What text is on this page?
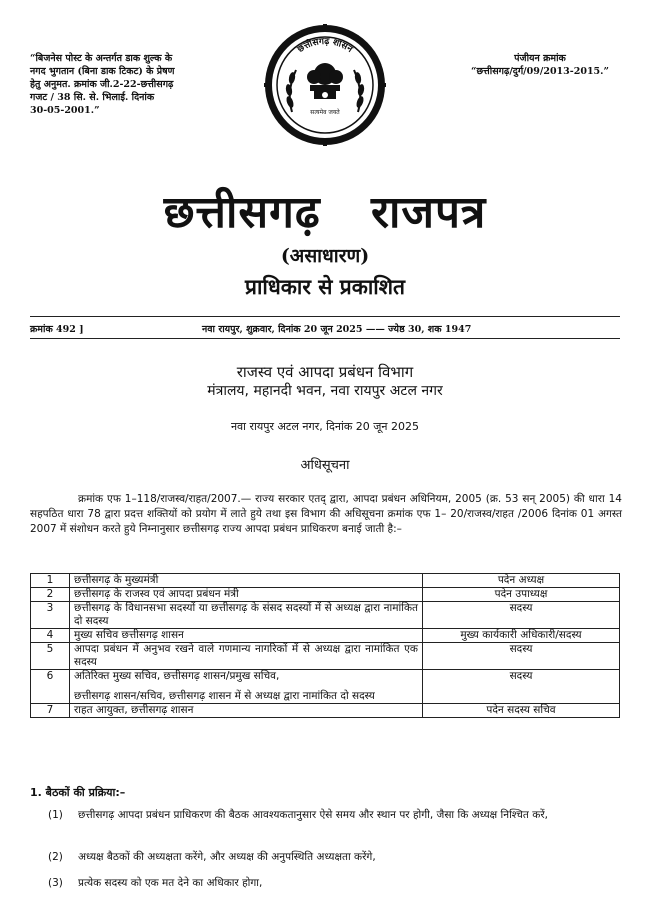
“बिजनेस पोस्ट के अन्तर्गत डाक शुल्क के
नगद भुगतान (बिना डाक टिकट) के प्रेषण
हेतु अनुमत. क्रमांक जी.2-22-छत्तीसगढ़
गजट / 38 सि. से. भिलाई. दिनांक
30-05-2001.”
पंजीयन क्रमांक
“छत्तीसगढ़/दुर्ग/09/2013-2015.”
छत्तीसगढ़ शासन
सत्यमेव जयते
छत्तीसगढ़ राजपत्र
(असाधारण)
प्राधिकार से प्रकाशित
क्रमांक 492 ]	नवा रायपुर, शुक्रवार, दिनांक 20 जून 2025 —— ज्येष्ठ 30, शक 1947
राजस्व एवं आपदा प्रबंधन विभाग
मंत्रालय, महानदी भवन, नवा रायपुर अटल नगर
नवा रायपुर अटल नगर, दिनांक 20 जून 2025
अधिसूचना
क्रमांक एफ 1–118/राजस्व/राहत/2007.— राज्य सरकार एतद् द्वारा, आपदा प्रबंधन अधिनियम, 2005 (क्र. 53 सन् 2005) की धारा 14 सहपठित धारा 78 द्वारा प्रदत्त शक्तियों को प्रयोग में लाते हुये तथा इस विभाग की अधिसूचना क्रमांक एफ 1– 20/राजस्व/राहत /2006 दिनांक 01 अगस्त 2007 में संशोधन करते हुये निम्नानुसार छत्तीसगढ़ राज्य आपदा प्रबंधन प्राधिकरण बनाई जाती है:–
1	छत्तीसगढ़ के मुख्यमंत्री	पदेन अध्यक्ष
2	छत्तीसगढ़ के राजस्व एवं आपदा प्रबंधन मंत्री	पदेन उपाध्यक्ष
3	छत्तीसगढ़ के विधानसभा सदस्यों या छत्तीसगढ़ के संसद सदस्यों में से अध्यक्ष द्वारा नामांकित दो सदस्य	सदस्य
4	मुख्य सचिव छत्तीसगढ़ शासन	मुख्य कार्यकारी अधिकारी/सदस्य
5	आपदा प्रबंधन में अनुभव रखने वाले गणमान्य नागरिकों में से अध्यक्ष द्वारा नामांकित एक सदस्य	सदस्य
6	अतिरिक्त मुख्य सचिव, छत्तीसगढ़ शासन/प्रमुख सचिव,
छत्तीसगढ़ शासन/सचिव, छत्तीसगढ़ शासन में से अध्यक्ष द्वारा नामांकित दो सदस्य	सदस्य
7	राहत आयुक्त, छत्तीसगढ़ शासन	पदेन सदस्य सचिव
1. बैठकों की प्रक्रिया:–
(1) छत्तीसगढ़ आपदा प्रबंधन प्राधिकरण की बैठक आवश्यकतानुसार ऐसे समय और स्थान पर होगी, जैसा कि अध्यक्ष निश्चित करें,
(2) अध्यक्ष बैठकों की अध्यक्षता करेंगे, और अध्यक्ष की अनुपस्थिति अध्यक्षता करेंगे,
(3) प्रत्येक सदस्य को एक मत देने का अधिकार होगा,
